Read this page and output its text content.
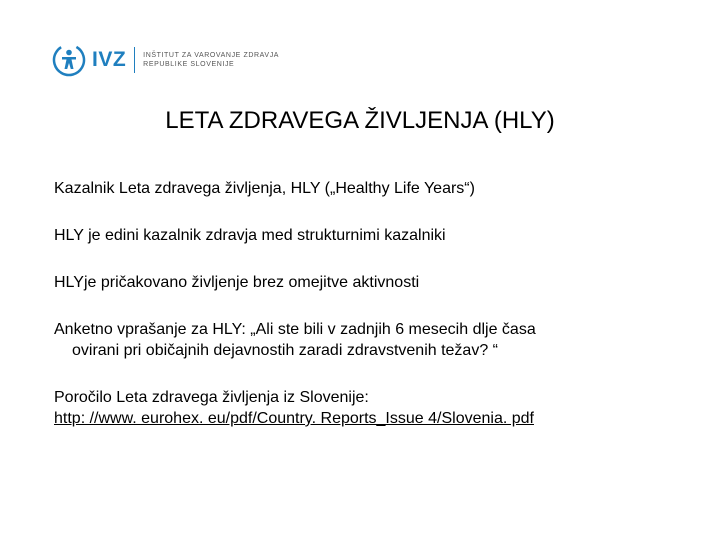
IVZ INŠTITUT ZA VAROVANJE ZDRAVJA
REPUBLIKE SLOVENIJE
LETA ZDRAVEGA ŽIVLJENJA (HLY)

Kazalnik Leta zdravega življenja, HLY („Healthy Life Years“)

HLY je edini kazalnik zdravja med strukturnimi kazalniki

HLYje pričakovano življenje brez omejitve aktivnosti

Anketno vprašanje za HLY: „Ali ste bili v zadnjih 6 mesecih dlje časa

ovirani pri običajnih dejavnostih zaradi zdravstvenih težav? “

Poročilo Leta zdravega življenja iz Slovenije:
http: //www. eurohex. eu/pdf/Country. Reports_Issue 4/Slovenia. pdf
